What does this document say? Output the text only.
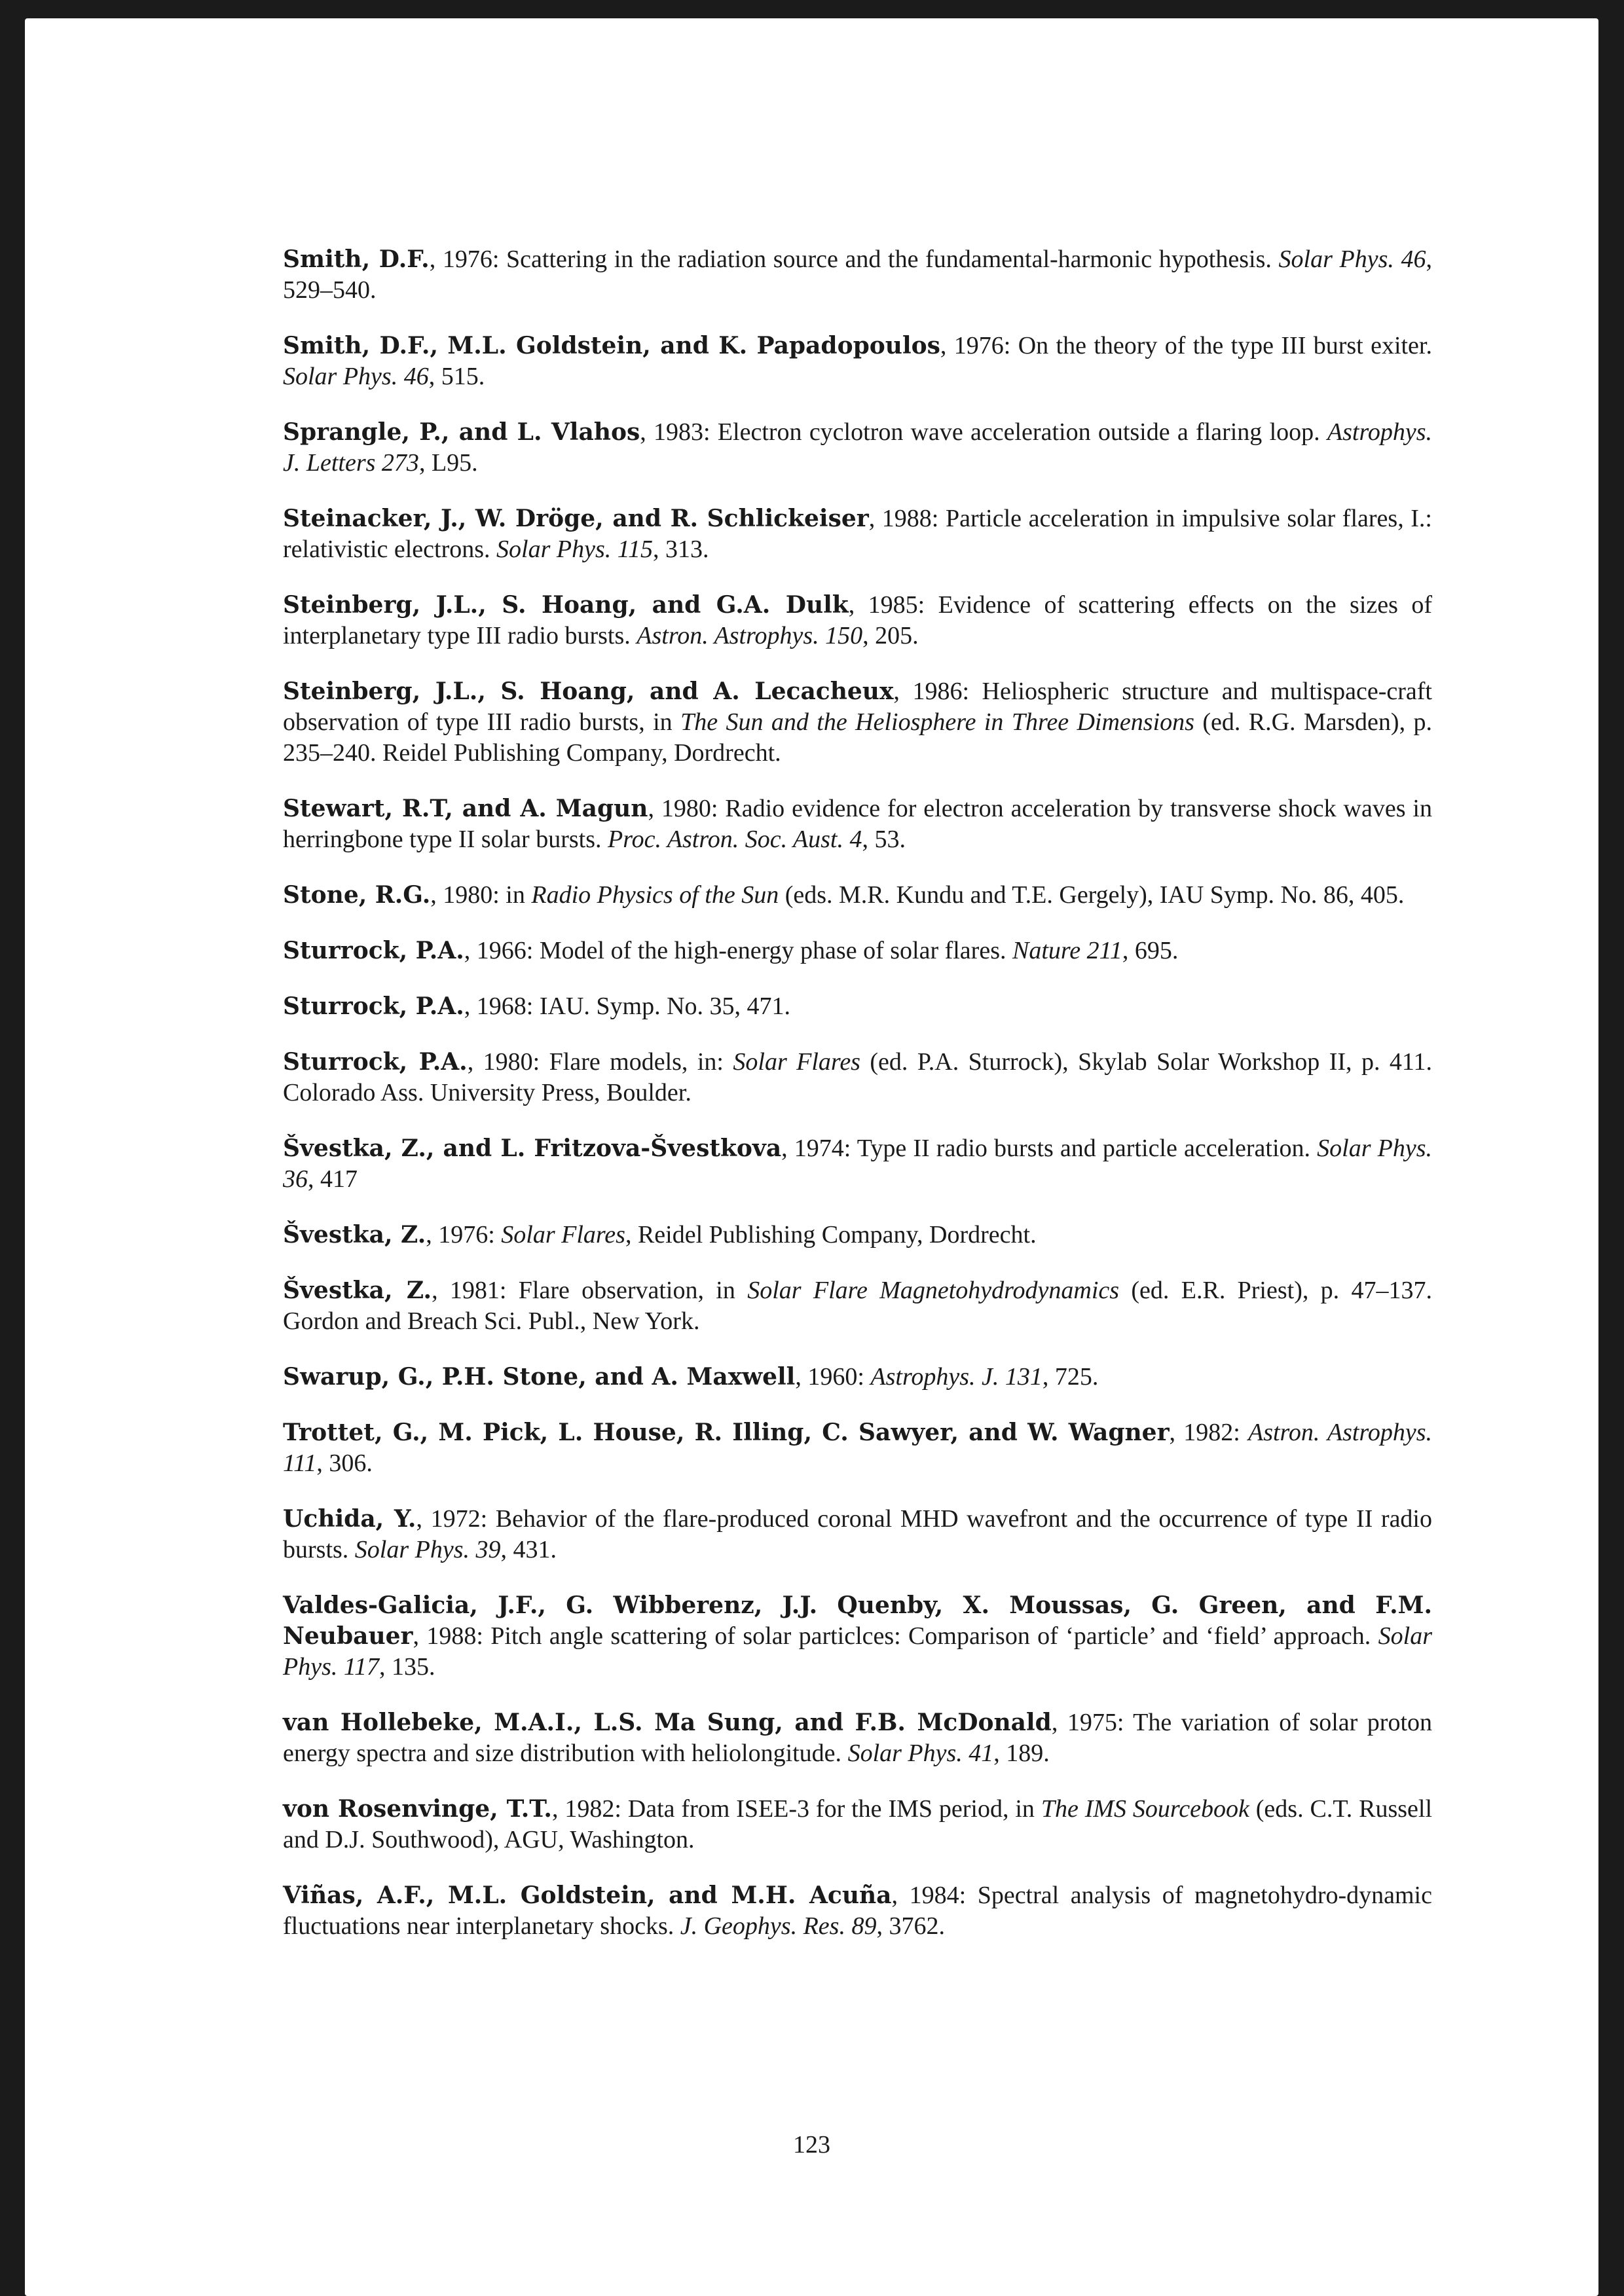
Smith, D.F., 1976: Scattering in the radiation source and the fundamental-harmonic hypothesis. Solar Phys. 46, 529–540.

Smith, D.F., M.L. Goldstein, and K. Papadopoulos, 1976: On the theory of the type III burst exiter. Solar Phys. 46, 515.

Sprangle, P., and L. Vlahos, 1983: Electron cyclotron wave acceleration outside a flaring loop. Astrophys. J. Letters 273, L95.

Steinacker, J., W. Dröge, and R. Schlickeiser, 1988: Particle acceleration in impulsive solar flares, I.: relativistic electrons. Solar Phys. 115, 313.

Steinberg, J.L., S. Hoang, and G.A. Dulk, 1985: Evidence of scattering effects on the sizes of interplanetary type III radio bursts. Astron. Astrophys. 150, 205.

Steinberg, J.L., S. Hoang, and A. Lecacheux, 1986: Heliospheric structure and multispace-craft observation of type III radio bursts, in The Sun and the Heliosphere in Three Dimensions (ed. R.G. Marsden), p. 235–240. Reidel Publishing Company, Dordrecht.

Stewart, R.T, and A. Magun, 1980: Radio evidence for electron acceleration by transverse shock waves in herringbone type II solar bursts. Proc. Astron. Soc. Aust. 4, 53.

Stone, R.G., 1980: in Radio Physics of the Sun (eds. M.R. Kundu and T.E. Gergely), IAU Symp. No. 86, 405.

Sturrock, P.A., 1966: Model of the high-energy phase of solar flares. Nature 211, 695.

Sturrock, P.A., 1968: IAU. Symp. No. 35, 471.

Sturrock, P.A., 1980: Flare models, in: Solar Flares (ed. P.A. Sturrock), Skylab Solar Workshop II, p. 411. Colorado Ass. University Press, Boulder.

Švestka, Z., and L. Fritzova-Švestkova, 1974: Type II radio bursts and particle acceleration. Solar Phys. 36, 417

Švestka, Z., 1976: Solar Flares, Reidel Publishing Company, Dordrecht.

Švestka, Z., 1981: Flare observation, in Solar Flare Magnetohydrodynamics (ed. E.R. Priest), p. 47–137. Gordon and Breach Sci. Publ., New York.

Swarup, G., P.H. Stone, and A. Maxwell, 1960: Astrophys. J. 131, 725.

Trottet, G., M. Pick, L. House, R. Illing, C. Sawyer, and W. Wagner, 1982: Astron. Astrophys. 111, 306.

Uchida, Y., 1972: Behavior of the flare-produced coronal MHD wavefront and the occurrence of type II radio bursts. Solar Phys. 39, 431.

Valdes-Galicia, J.F., G. Wibberenz, J.J. Quenby, X. Moussas, G. Green, and F.M. Neubauer, 1988: Pitch angle scattering of solar particlces: Comparison of ‘particle’ and ‘field’ approach. Solar Phys. 117, 135.

van Hollebeke, M.A.I., L.S. Ma Sung, and F.B. McDonald, 1975: The variation of solar proton energy spectra and size distribution with heliolongitude. Solar Phys. 41, 189.

von Rosenvinge, T.T., 1982: Data from ISEE-3 for the IMS period, in The IMS Sourcebook (eds. C.T. Russell and D.J. Southwood), AGU, Washington.

Viñas, A.F., M.L. Goldstein, and M.H. Acuña, 1984: Spectral analysis of magnetohydro-dynamic fluctuations near interplanetary shocks. J. Geophys. Res. 89, 3762.

123
